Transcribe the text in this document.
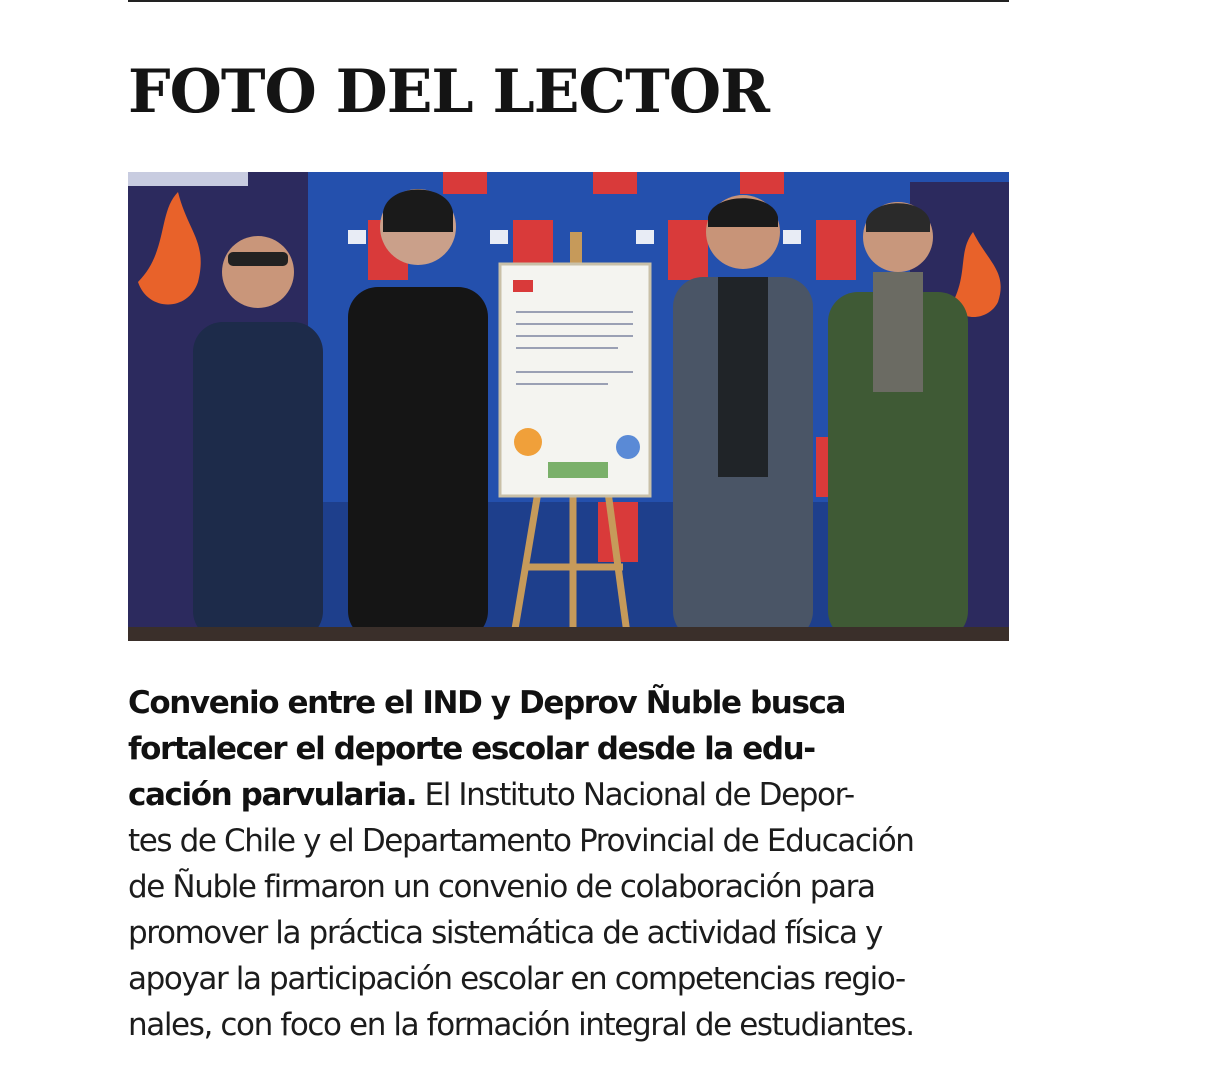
FOTO DEL LECTOR

Convenio entre el IND y Deprov Ñuble busca
fortalecer el deporte escolar desde la edu-
cación parvularia. El Instituto Nacional de Depor-
tes de Chile y el Departamento Provincial de Educación
de Ñuble firmaron un convenio de colaboración para
promover la práctica sistemática de actividad física y
apoyar la participación escolar en competencias regio-
nales, con foco en la formación integral de estudiantes.
